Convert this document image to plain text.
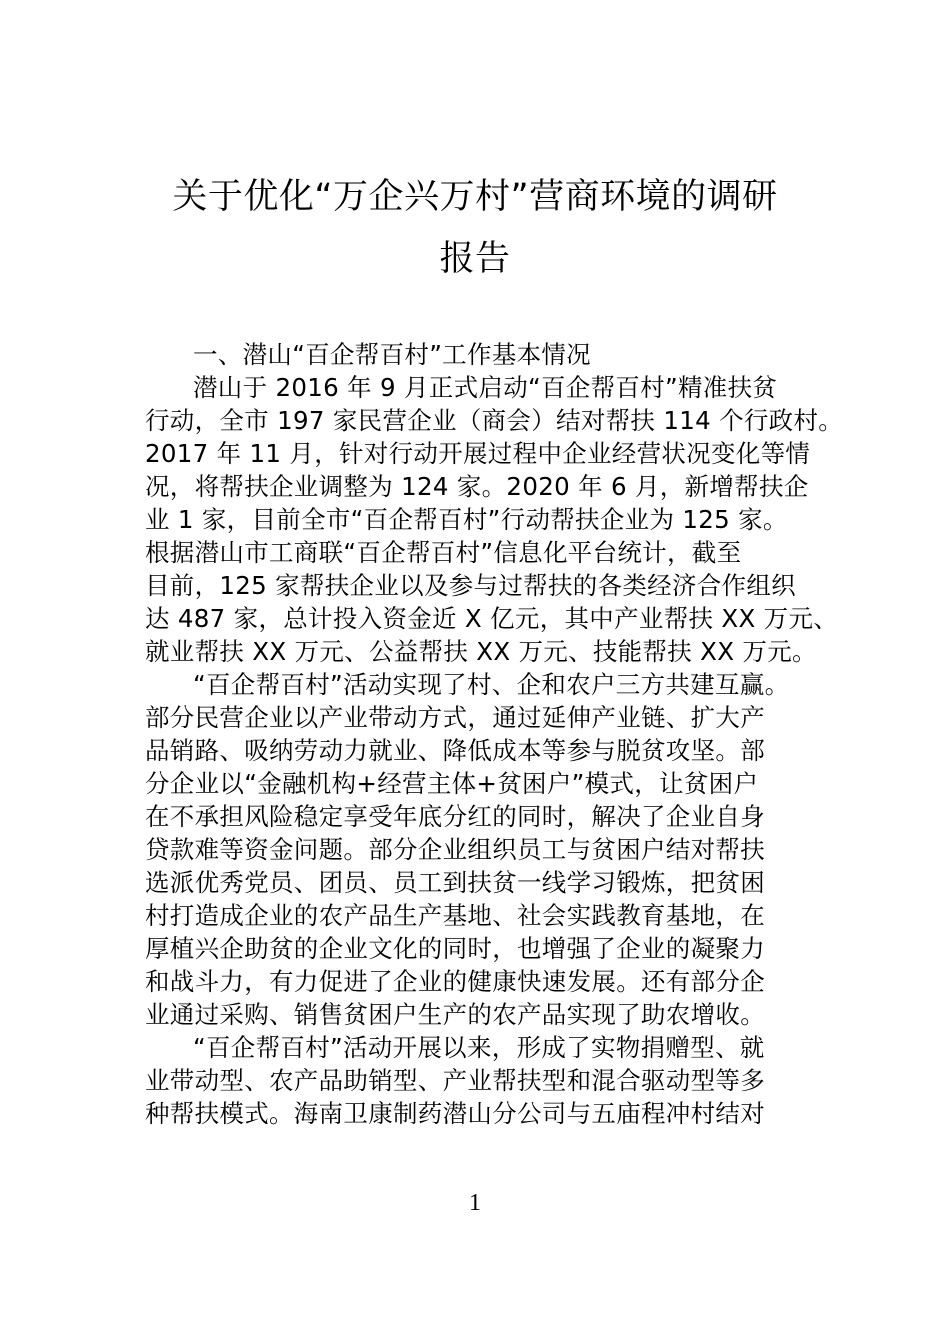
关于优化“万企兴万村”营商环境的调研
报告
一、潜山“百企帮百村”工作基本情况
潜山于 2016 年 9 月正式启动“百企帮百村”精准扶贫
行动，全市 197 家民营企业（商会）结对帮扶 114 个行政村。
2017 年 11 月，针对行动开展过程中企业经营状况变化等情
况，将帮扶企业调整为 124 家。2020 年 6 月，新增帮扶企
业 1 家，目前全市“百企帮百村”行动帮扶企业为 125 家。
根据潜山市工商联“百企帮百村”信息化平台统计，截至
目前，125 家帮扶企业以及参与过帮扶的各类经济合作组织
达 487 家，总计投入资金近 X 亿元，其中产业帮扶 XX 万元、
就业帮扶 XX 万元、公益帮扶 XX 万元、技能帮扶 XX 万元。
“百企帮百村”活动实现了村、企和农户三方共建互赢。
部分民营企业以产业带动方式，通过延伸产业链、扩大产
品销路、吸纳劳动力就业、降低成本等参与脱贫攻坚。部
分企业以“金融机构+经营主体+贫困户”模式，让贫困户
在不承担风险稳定享受年底分红的同时，解决了企业自身
贷款难等资金问题。部分企业组织员工与贫困户结对帮扶
选派优秀党员、团员、员工到扶贫一线学习锻炼，把贫困
村打造成企业的农产品生产基地、社会实践教育基地，在
厚植兴企助贫的企业文化的同时，也增强了企业的凝聚力
和战斗力，有力促进了企业的健康快速发展。还有部分企
业通过采购、销售贫困户生产的农产品实现了助农增收。
“百企帮百村”活动开展以来，形成了实物捐赠型、就
业带动型、农产品助销型、产业帮扶型和混合驱动型等多
种帮扶模式。海南卫康制药潜山分公司与五庙程冲村结对
1
